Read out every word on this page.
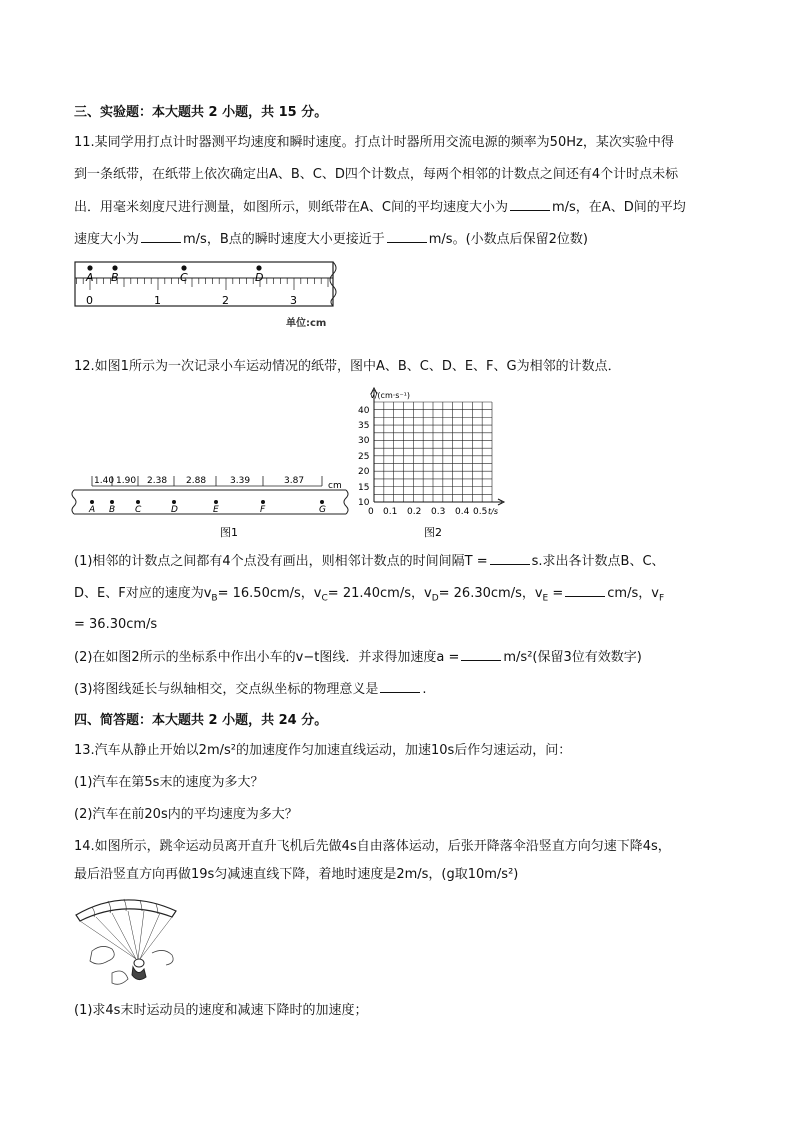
三、实验题：本大题共 2 小题，共 15 分。
11.某同学用打点计时器测平均速度和瞬时速度。打点计时器所用交流电源的频率为50Hz，某次实验中得
到一条纸带，在纸带上依次确定出A、B、C、D四个计数点，每两个相邻的计数点之间还有4个计时点未标
出．用毫米刻度尺进行测量，如图所示，则纸带在A、C间的平均速度大小为	m/s，在A、D间的平均
速度大小为	m/s，B点的瞬时速度大小更接近于	m/s。(小数点后保留2位数)
A B	C	D
0	1	2	3
单位:cm
12.如图1所示为一次记录小车运动情况的纸带，图中A、B、C、D、E、F、G为相邻的计数点．
1.40 1.90 2.38 2.88	3.39	3.87	cm
A B C	D	E	F	G
图1
v/(cm·s⁻¹)
40
35
30
25
20
15
10
0 0.1 0.2 0.3 0.4 0.5 t/s
图2
(1)相邻的计数点之间都有4个点没有画出，则相邻计数点的时间间隔T =	s.求出各计数点B、C、
D、E、F对应的速度为$v_B= 16.50cm/s$，$v_C= 21.40cm/s$，$v_D= 26.30cm/s$，$v_E$ =	cm/s，$v_F$
= 36.30cm/s
(2)在如图2所示的坐标系中作出小车的v−t图线．并求得加速度a =	m/s²(保留3位有效数字)
(3)将图线延长与纵轴相交，交点纵坐标的物理意义是	.
四、简答题：本大题共 2 小题，共 24 分。
13.汽车从静止开始以2m/s²的加速度作匀加速直线运动，加速10s后作匀速运动，问：
(1)汽车在第5s末的速度为多大？
(2)汽车在前20s内的平均速度为多大？
14.如图所示，跳伞运动员离开直升飞机后先做4s自由落体运动，后张开降落伞沿竖直方向匀速下降4s，
最后沿竖直方向再做19s匀减速直线下降，着地时速度是2m/s，(g取10m/s²)
(1)求4s末时运动员的速度和减速下降时的加速度；
